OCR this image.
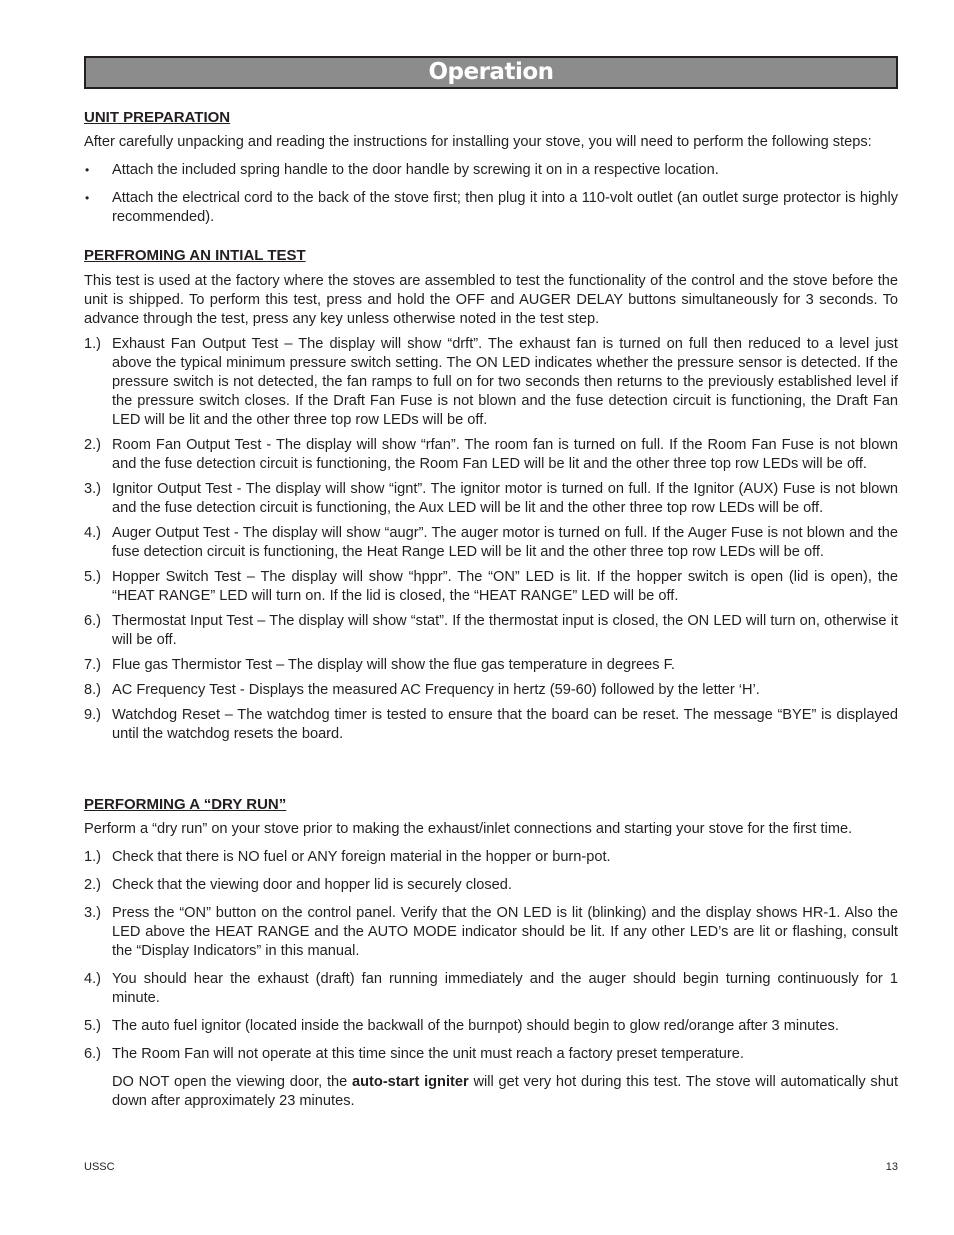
Operation
UNIT PREPARATION

After carefully unpacking and reading the instructions for installing your stove, you will need to perform the following steps:

• Attach the included spring handle to the door handle by screwing it on in a respective location.
• Attach the electrical cord to the back of the stove first; then plug it into a 110-volt outlet (an outlet surge protector is highly recommended).
PERFROMING AN INTIAL TEST

This test is used at the factory where the stoves are assembled to test the functionality of the control and the stove before the unit is shipped. To perform this test, press and hold the OFF and AUGER DELAY buttons simultaneously for 3 seconds. To advance through the test, press any key unless otherwise noted in the test step.

1.) Exhaust Fan Output Test – The display will show “drft”. The exhaust fan is turned on full then reduced to a level just above the typical minimum pressure switch setting. The ON LED indicates whether the pressure sensor is detected. If the pressure switch is not detected, the fan ramps to full on for two seconds then returns to the previously established level if the pressure switch closes. If the Draft Fan Fuse is not blown and the fuse detection circuit is functioning, the Draft Fan LED will be lit and the other three top row LEDs will be off.
2.) Room Fan Output Test - The display will show “rfan”. The room fan is turned on full. If the Room Fan Fuse is not blown and the fuse detection circuit is functioning, the Room Fan LED will be lit and the other three top row LEDs will be off.
3.) Ignitor Output Test - The display will show “ignt”. The ignitor motor is turned on full. If the Ignitor (AUX) Fuse is not blown and the fuse detection circuit is functioning, the Aux LED will be lit and the other three top row LEDs will be off.
4.) Auger Output Test - The display will show “augr”. The auger motor is turned on full. If the Auger Fuse is not blown and the fuse detection circuit is functioning, the Heat Range LED will be lit and the other three top row LEDs will be off.
5.) Hopper Switch Test – The display will show “hppr”. The “ON” LED is lit. If the hopper switch is open (lid is open), the “HEAT RANGE” LED will turn on. If the lid is closed, the “HEAT RANGE” LED will be off.
6.) Thermostat Input Test – The display will show “stat”. If the thermostat input is closed, the ON LED will turn on, otherwise it will be off.
7.) Flue gas Thermistor Test – The display will show the flue gas temperature in degrees F.
8.) AC Frequency Test - Displays the measured AC Frequency in hertz (59-60) followed by the letter ‘H’.
9.) Watchdog Reset – The watchdog timer is tested to ensure that the board can be reset. The message “BYE” is displayed until the watchdog resets the board.
PERFORMING A “DRY RUN”

Perform a “dry run” on your stove prior to making the exhaust/inlet connections and starting your stove for the first time.

1.) Check that there is NO fuel or ANY foreign material in the hopper or burn-pot.
2.) Check that the viewing door and hopper lid is securely closed.
3.) Press the “ON” button on the control panel. Verify that the ON LED is lit (blinking) and the display shows HR-1. Also the LED above the HEAT RANGE and the AUTO MODE indicator should be lit. If any other LED’s are lit or flashing, consult the “Display Indicators” in this manual.
4.) You should hear the exhaust (draft) fan running immediately and the auger should begin turning continuously for 1 minute.
5.) The auto fuel ignitor (located inside the backwall of the burnpot) should begin to glow red/orange after 3 minutes.
6.) The Room Fan will not operate at this time since the unit must reach a factory preset temperature.
DO NOT open the viewing door, the auto-start igniter will get very hot during this test. The stove will automatically shut down after approximately 23 minutes.
USSC	13
